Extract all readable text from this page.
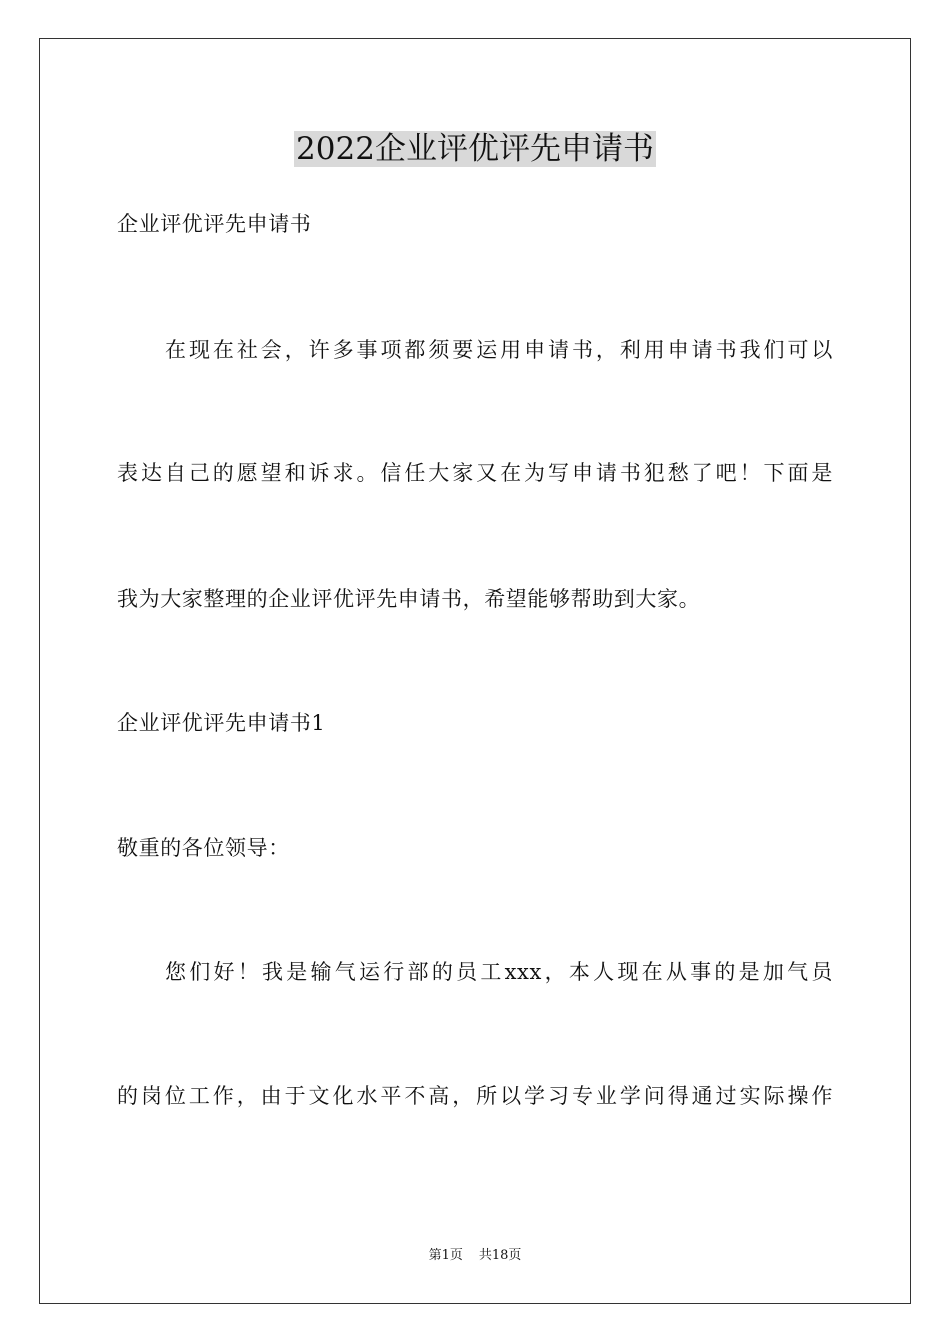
2022企业评优评先申请书
企业评优评先申请书
在现在社会，许多事项都须要运用申请书，利用申请书我们可以
表达自己的愿望和诉求。信任大家又在为写申请书犯愁了吧！下面是
我为大家整理的企业评优评先申请书，希望能够帮助到大家。
企业评优评先申请书1
敬重的各位领导：
您们好！我是输气运行部的员工xxx，本人现在从事的是加气员
的岗位工作，由于文化水平不高，所以学习专业学问得通过实际操作
第1页 共18页
